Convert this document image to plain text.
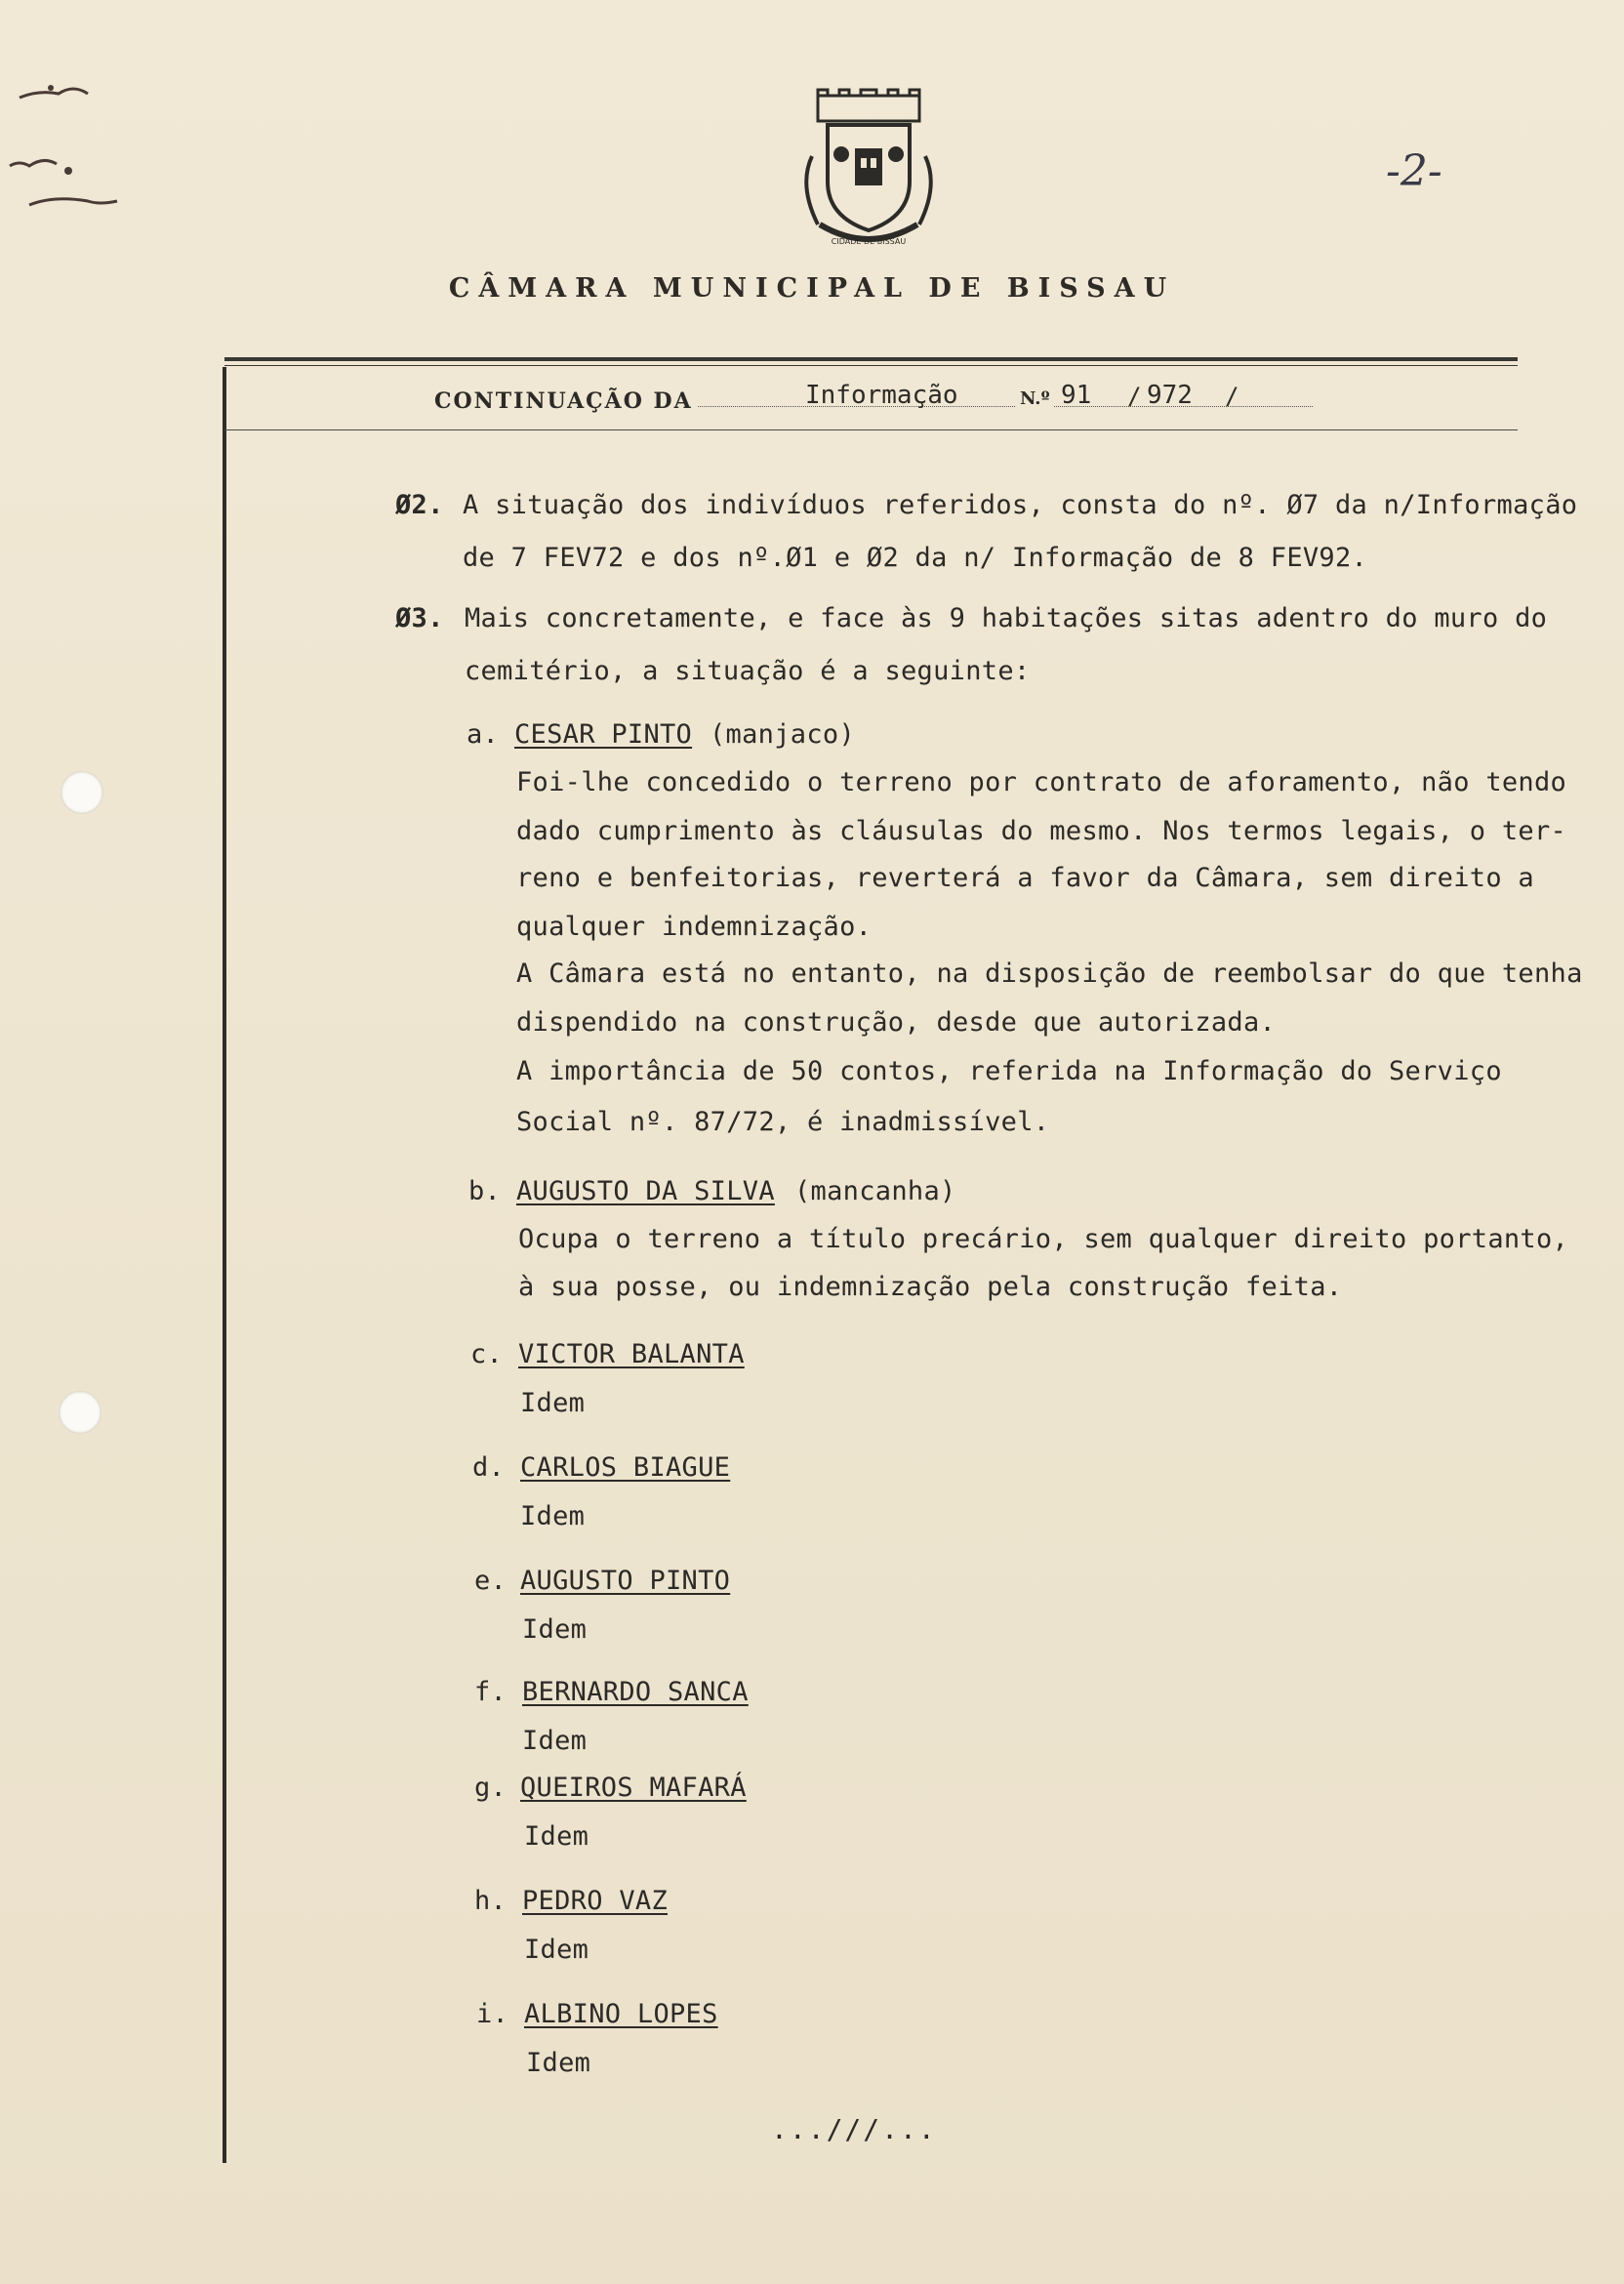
CIDADE DE BISSAU
-2-
CÂMARA MUNICIPAL DE BISSAU
CONTINUAÇÃO DA	Informação	N.º 91 / 972 /
Ø2. A situação dos indivíduos referidos, consta do nº. Ø7 da n/Informação
de 7 FEV72 e dos nº.Ø1 e Ø2 da n/ Informação de 8 FEV92.
Ø3. Mais concretamente, e face às 9 habitações sitas adentro do muro do
cemitério, a situação é a seguinte:
a. CESAR PINTO (manjaco)
Foi-lhe concedido o terreno por contrato de aforamento, não tendo
dado cumprimento às cláusulas do mesmo. Nos termos legais, o ter-
reno e benfeitorias, reverterá a favor da Câmara, sem direito a
qualquer indemnização.
A Câmara está no entanto, na disposição de reembolsar do que tenha
dispendido na construção, desde que autorizada.
A importância de 50 contos, referida na Informação do Serviço
Social nº. 87/72, é inadmissível.
b. AUGUSTO DA SILVA (mancanha)
Ocupa o terreno a título precário, sem qualquer direito portanto,
à sua posse, ou indemnização pela construção feita.
c. VICTOR BALANTA
Idem
d. CARLOS BIAGUE
Idem
e. AUGUSTO PINTO
Idem
f. BERNARDO SANCA
Idem
g. QUEIROS MAFARÁ
Idem
h. PEDRO VAZ
Idem
i. ALBINO LOPES
Idem
...///...
